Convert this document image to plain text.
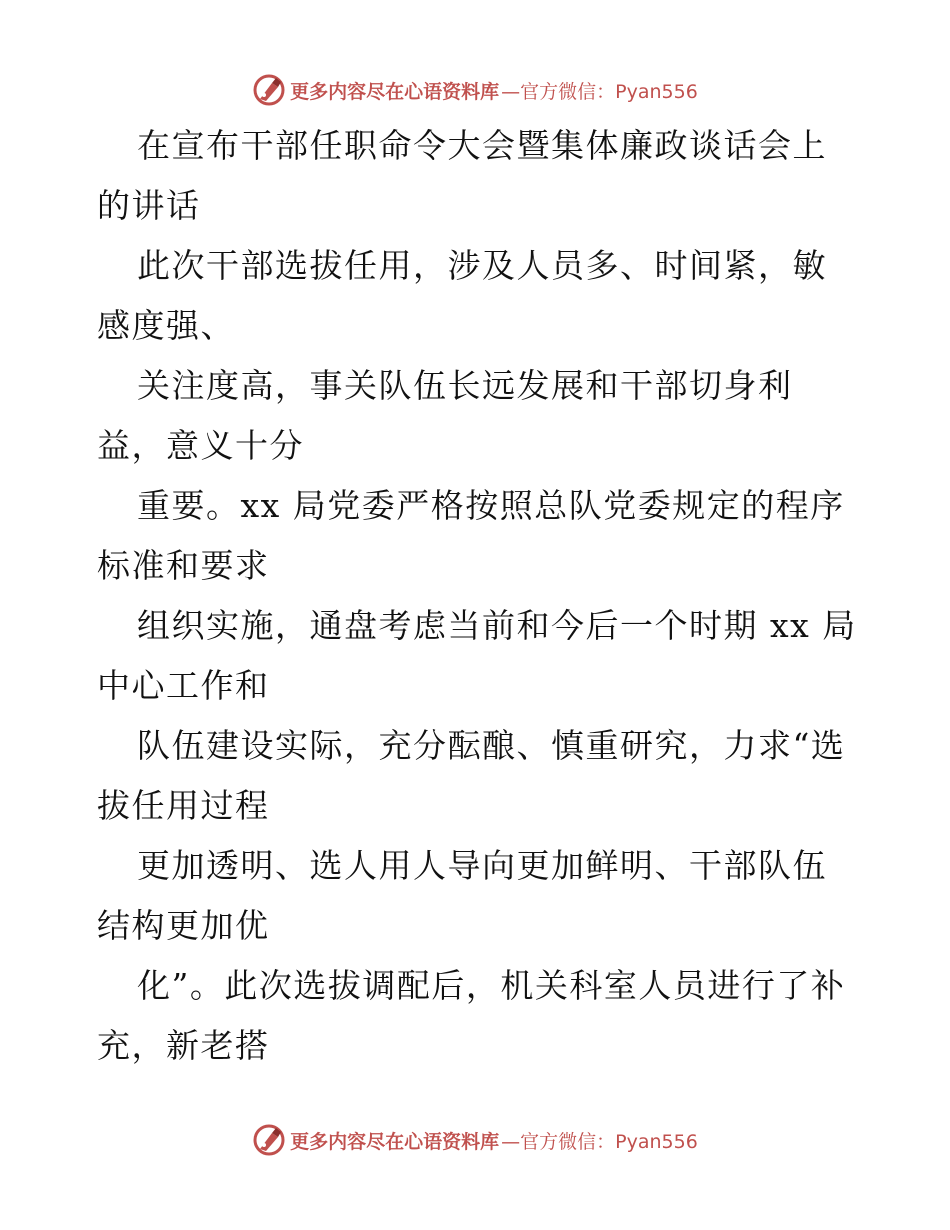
更多内容尽在心语资料库 —官方微信：Pyan556

在宣布干部任职命令大会暨集体廉政谈话会上的讲话

此次干部选拔任用，涉及人员多、时间紧，敏感度强、

关注度高，事关队伍长远发展和干部切身利益，意义十分

重要。xx 局党委严格按照总队党委规定的程序标准和要求

组织实施，通盘考虑当前和今后一个时期 xx 局中心工作和

队伍建设实际，充分酝酿、慎重研究，力求“选拔任用过程

更加透明、选人用人导向更加鲜明、干部队伍结构更加优

化”。此次选拔调配后，机关科室人员进行了补充，新老搭

更多内容尽在心语资料库 —官方微信：Pyan556
